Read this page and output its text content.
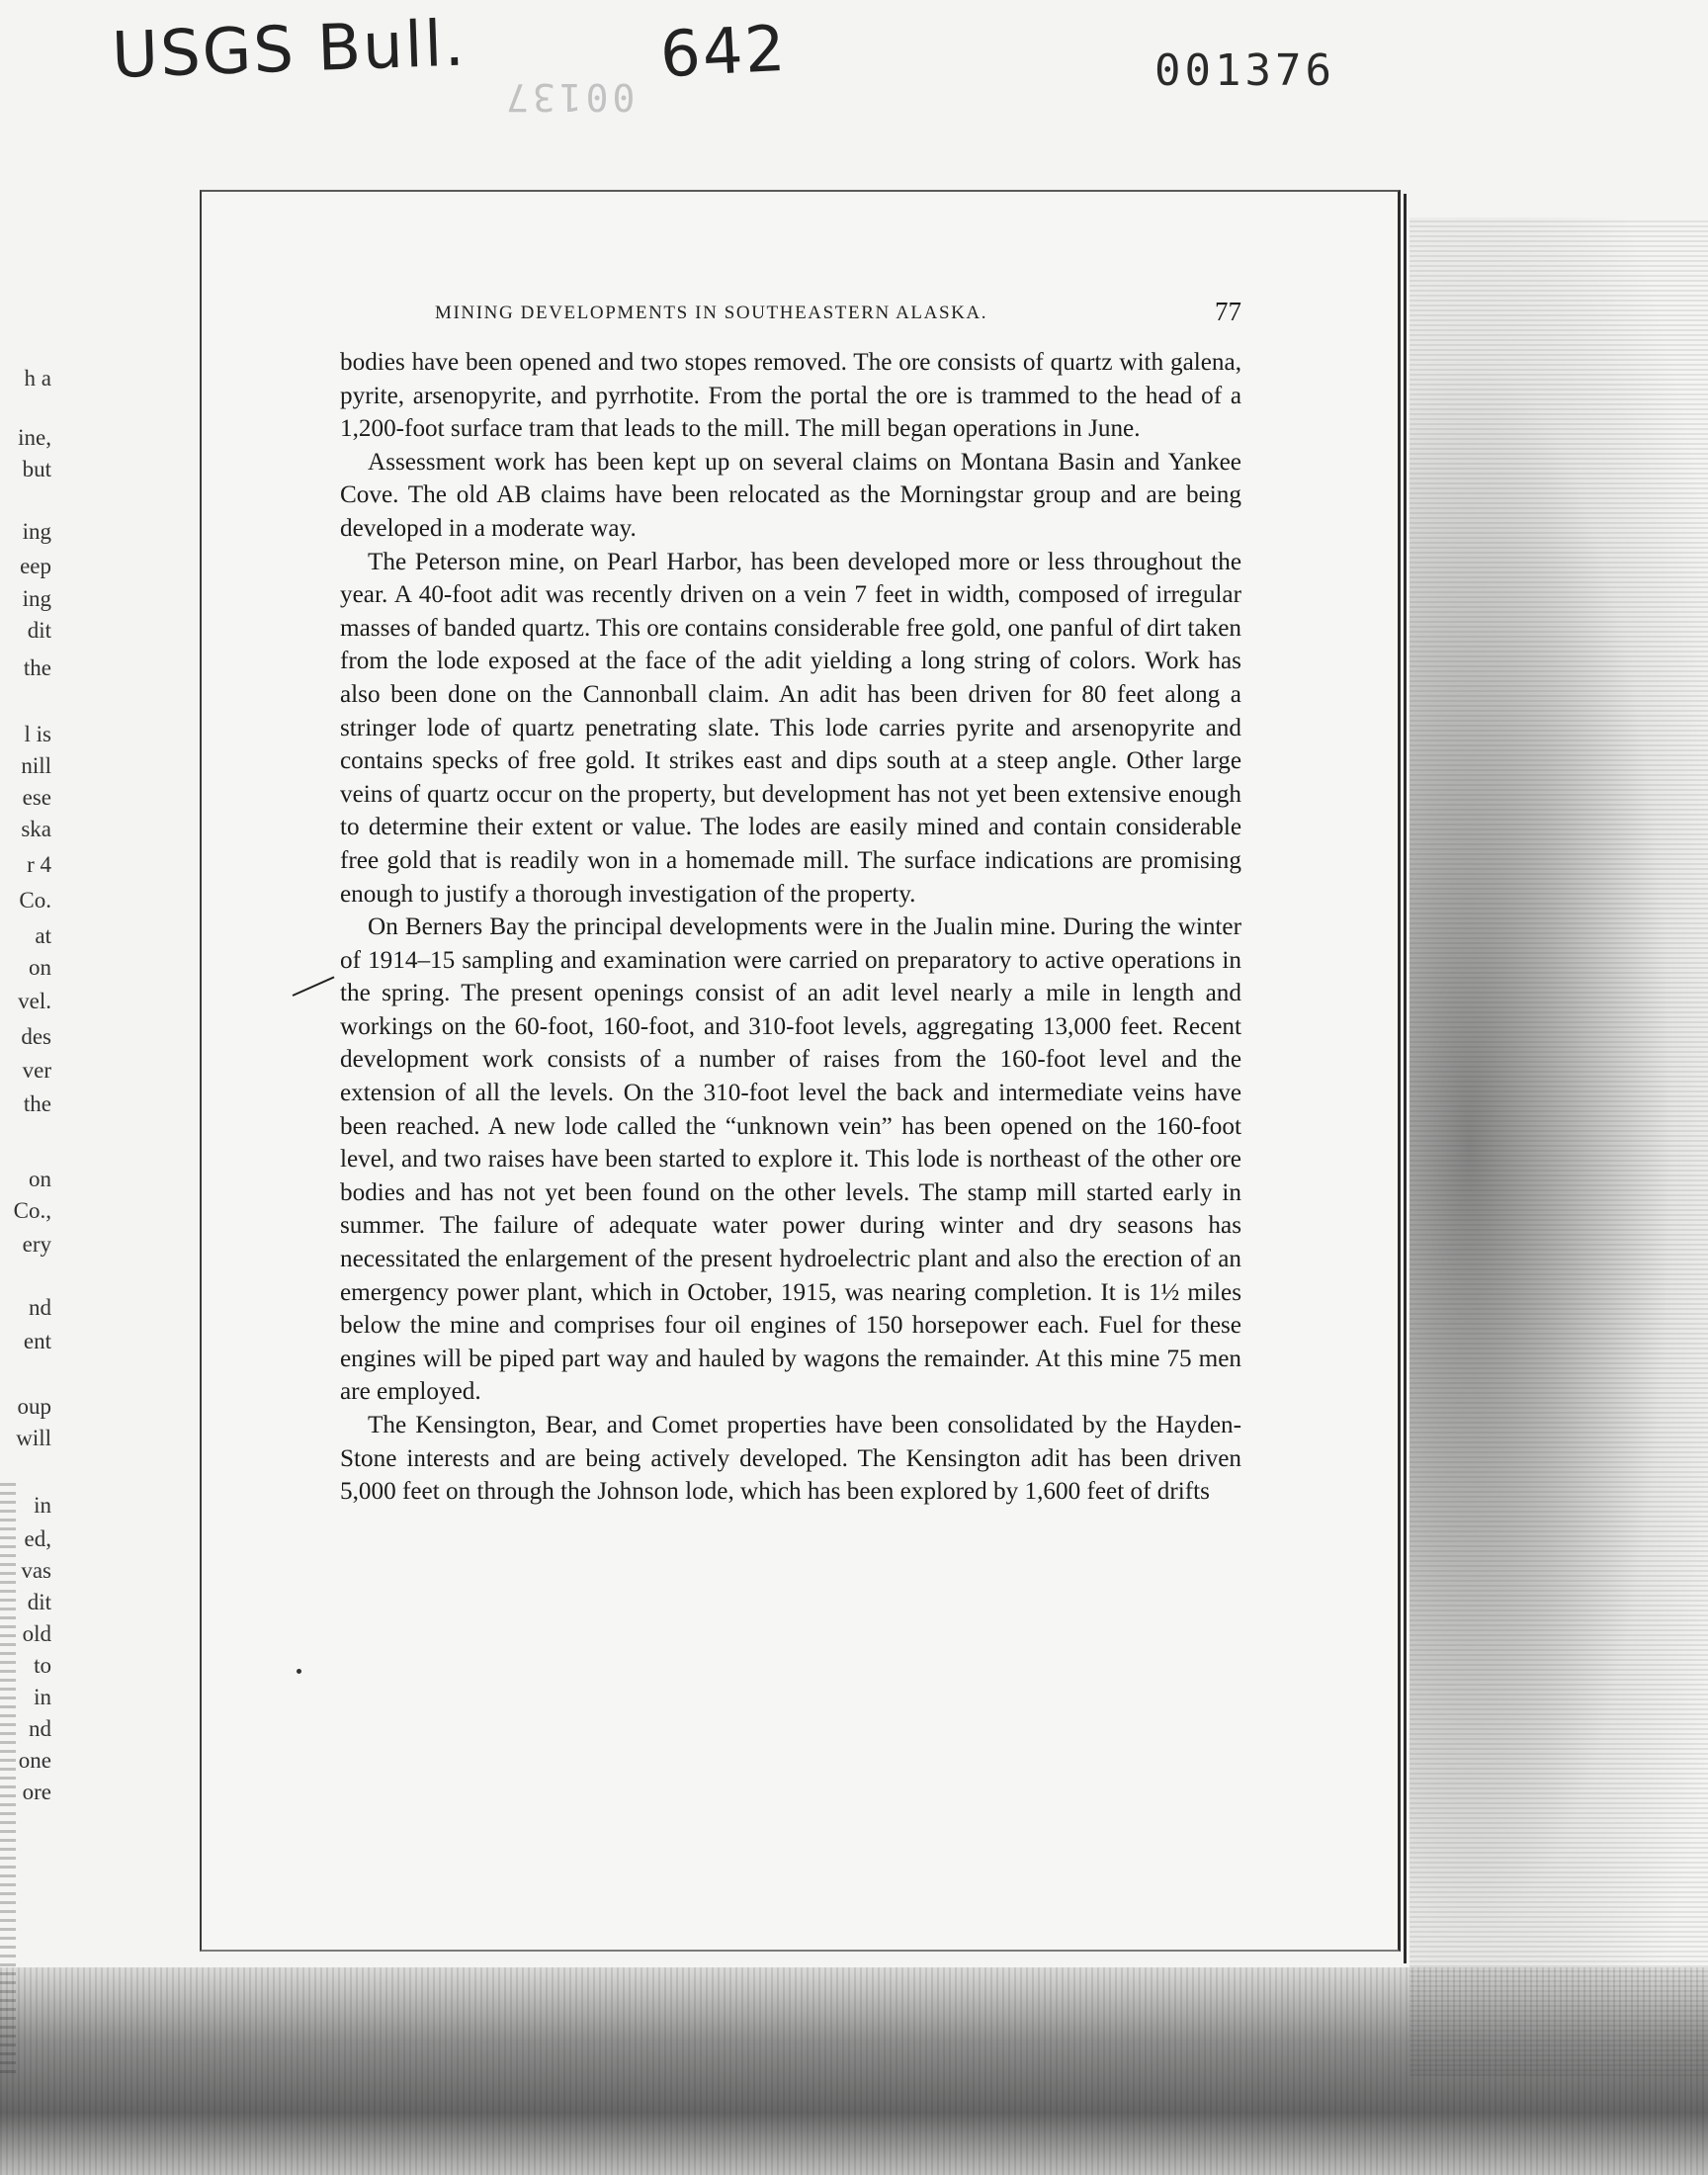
USGS Bull.	642	001376
00137
h a
ine,
but
ing
eep
ing
dit
the
l is
nill
ese
ska
r 4
Co.
at
on
vel.
des
ver
the
on
Co.,
ery
nd
ent
oup
will
in
ed,
vas
dit
old
to
in
nd
one
ore
MINING DEVELOPMENTS IN SOUTHEASTERN ALASKA.	77

bodies have been opened and two stopes removed. The ore consists of quartz with galena, pyrite, arsenopyrite, and pyrrhotite. From the portal the ore is trammed to the head of a 1,200-foot surface tram that leads to the mill. The mill began operations in June.

Assessment work has been kept up on several claims on Montana Basin and Yankee Cove. The old AB claims have been relocated as the Morningstar group and are being developed in a moderate way.

The Peterson mine, on Pearl Harbor, has been developed more or less throughout the year. A 40-foot adit was recently driven on a vein 7 feet in width, composed of irregular masses of banded quartz. This ore contains considerable free gold, one panful of dirt taken from the lode exposed at the face of the adit yielding a long string of colors. Work has also been done on the Cannonball claim. An adit has been driven for 80 feet along a stringer lode of quartz penetrating slate. This lode carries pyrite and arsenopyrite and contains specks of free gold. It strikes east and dips south at a steep angle. Other large veins of quartz occur on the property, but development has not yet been extensive enough to determine their extent or value. The lodes are easily mined and contain considerable free gold that is readily won in a homemade mill. The surface indications are promising enough to justify a thorough investigation of the property.

On Berners Bay the principal developments were in the Jualin mine. During the winter of 1914–15 sampling and examination were carried on preparatory to active operations in the spring. The present openings consist of an adit level nearly a mile in length and workings on the 60-foot, 160-foot, and 310-foot levels, aggregating 13,000 feet. Recent development work consists of a number of raises from the 160-foot level and the extension of all the levels. On the 310-foot level the back and intermediate veins have been reached. A new lode called the “unknown vein” has been opened on the 160-foot level, and two raises have been started to explore it. This lode is northeast of the other ore bodies and has not yet been found on the other levels. The stamp mill started early in summer. The failure of adequate water power during winter and dry seasons has necessitated the enlargement of the present hydroelectric plant and also the erection of an emergency power plant, which in October, 1915, was nearing completion. It is 1½ miles below the mine and comprises four oil engines of 150 horsepower each. Fuel for these engines will be piped part way and hauled by wagons the remainder. At this mine 75 men are employed.

The Kensington, Bear, and Comet properties have been consolidated by the Hayden-Stone interests and are being actively developed. The Kensington adit has been driven 5,000 feet on through the Johnson lode, which has been explored by 1,600 feet of drifts
